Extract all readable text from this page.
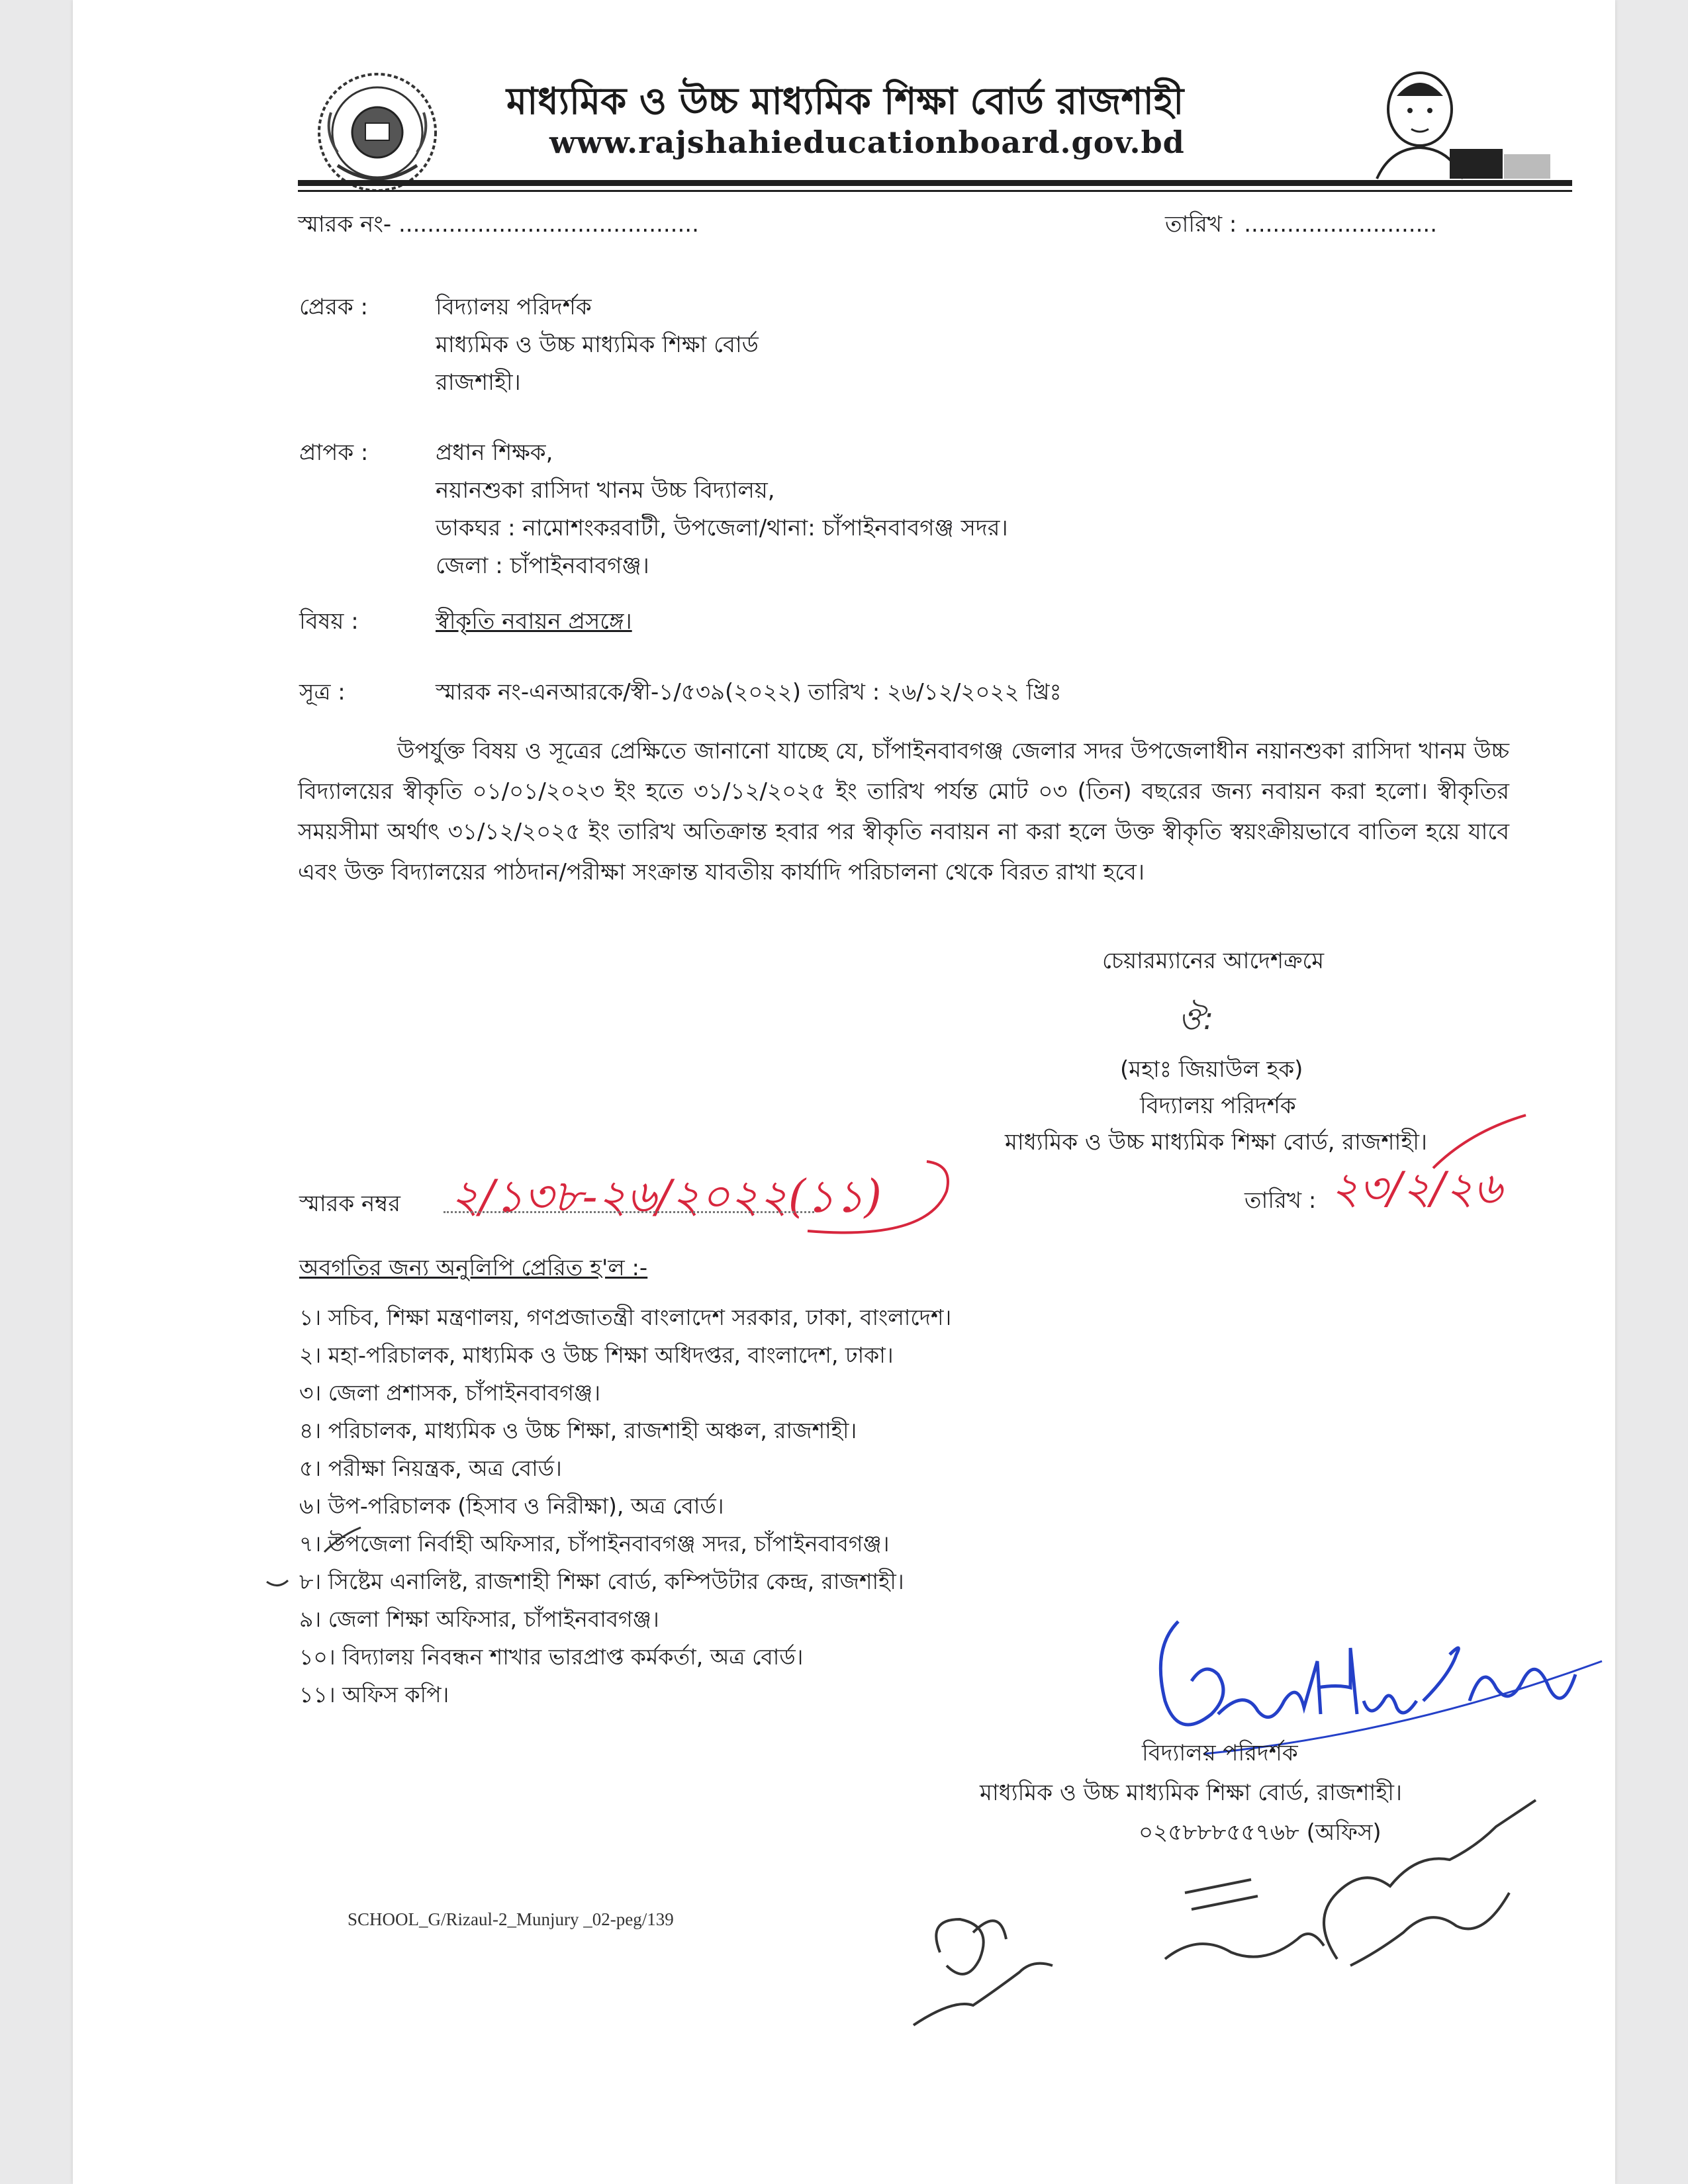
মাধ্যমিক ও উচ্চ মাধ্যমিক শিক্ষা বোর্ড রাজশাহী
www.rajshahieducationboard.gov.bd
স্মারক নং- ..........................................	তারিখ : ...........................
প্রেরক :	বিদ্যালয় পরিদর্শক
মাধ্যমিক ও উচ্চ মাধ্যমিক শিক্ষা বোর্ড
রাজশাহী।
প্রাপক :	প্রধান শিক্ষক,
নয়ানশুকা রাসিদা খানম উচ্চ বিদ্যালয়,
ডাকঘর : নামোশংকরবাটী, উপজেলা/থানা: চাঁপাইনবাবগঞ্জ সদর।
জেলা : চাঁপাইনবাবগঞ্জ।
বিষয় :	স্বীকৃতি নবায়ন প্রসঙ্গে।
সূত্র :	স্মারক নং-এনআরকে/স্বী-১/৫৩৯(২০২২) তারিখ : ২৬/১২/২০২২ খ্রিঃ
উপর্যুক্ত বিষয় ও সূত্রের প্রেক্ষিতে জানানো যাচ্ছে যে, চাঁপাইনবাবগঞ্জ জেলার সদর উপজেলাধীন নয়ানশুকা রাসিদা খানম উচ্চ বিদ্যালয়ের স্বীকৃতি ০১/০১/২০২৩ ইং হতে ৩১/১২/২০২৫ ইং তারিখ পর্যন্ত মোট ০৩ (তিন) বছরের জন্য নবায়ন করা হলো। স্বীকৃতির সময়সীমা অর্থাৎ ৩১/১২/২০২৫ ইং তারিখ অতিক্রান্ত হবার পর স্বীকৃতি নবায়ন না করা হলে উক্ত স্বীকৃতি স্বয়ংক্রীয়ভাবে বাতিল হয়ে যাবে এবং উক্ত বিদ্যালয়ের পাঠদান/পরীক্ষা সংক্রান্ত যাবতীয় কার্যাদি পরিচালনা থেকে বিরত রাখা হবে।
চেয়ারম্যানের আদেশক্রমে
ঔ:
(মহাঃ জিয়াউল হক)
বিদ্যালয় পরিদর্শক
মাধ্যমিক ও উচ্চ মাধ্যমিক শিক্ষা বোর্ড, রাজশাহী।
স্মারক নম্বর ২/১৩৮-২৬/২০২২(১১)	তারিখ : ২৩/২/২৬
অবগতির জন্য অনুলিপি প্রেরিত হ'ল :-
১। সচিব, শিক্ষা মন্ত্রণালয়, গণপ্রজাতন্ত্রী বাংলাদেশ সরকার, ঢাকা, বাংলাদেশ।
২। মহা-পরিচালক, মাধ্যমিক ও উচ্চ শিক্ষা অধিদপ্তর, বাংলাদেশ, ঢাকা।
৩। জেলা প্রশাসক, চাঁপাইনবাবগঞ্জ।
৪। পরিচালক, মাধ্যমিক ও উচ্চ শিক্ষা, রাজশাহী অঞ্চল, রাজশাহী।
৫। পরীক্ষা নিয়ন্ত্রক, অত্র বোর্ড।
৬। উপ-পরিচালক (হিসাব ও নিরীক্ষা), অত্র বোর্ড।
৭। উপজেলা নির্বাহী অফিসার, চাঁপাইনবাবগঞ্জ সদর, চাঁপাইনবাবগঞ্জ।
৮। সিষ্টেম এনালিষ্ট, রাজশাহী শিক্ষা বোর্ড, কম্পিউটার কেন্দ্র, রাজশাহী।
৯। জেলা শিক্ষা অফিসার, চাঁপাইনবাবগঞ্জ।
১০। বিদ্যালয় নিবন্ধন শাখার ভারপ্রাপ্ত কর্মকর্তা, অত্র বোর্ড।
১১। অফিস কপি।
বিদ্যালয় পরিদর্শক
মাধ্যমিক ও উচ্চ মাধ্যমিক শিক্ষা বোর্ড, রাজশাহী।
০২৫৮৮৮৫৫৭৬৮ (অফিস)
SCHOOL_G/Rizaul-2_Munjury _02-peg/139
